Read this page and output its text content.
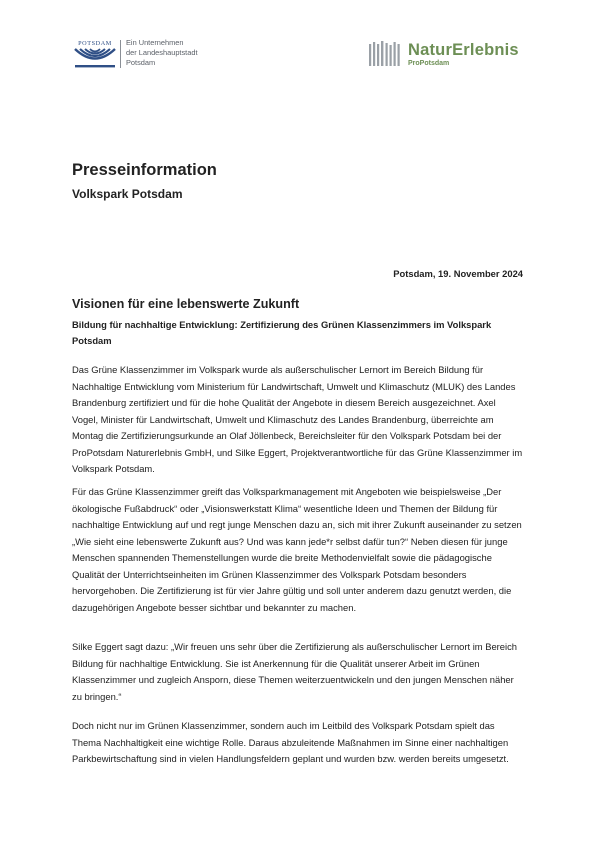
POTSDAM Ein Unternehmen
der Landeshauptstadt
Potsdam
NaturErlebnis
ProPotsdam
Presseinformation
Volkspark Potsdam
Potsdam, 19. November 2024
Visionen für eine lebenswerte Zukunft
Bildung für nachhaltige Entwicklung: Zertifizierung des Grünen Klassenzimmers im Volkspark Potsdam
Das Grüne Klassenzimmer im Volkspark wurde als außerschulischer Lernort im Bereich Bildung für Nachhaltige Entwicklung vom Ministerium für Landwirtschaft, Umwelt und Klimaschutz (MLUK) des Landes Brandenburg zertifiziert und für die hohe Qualität der Angebote in diesem Bereich ausgezeichnet. Axel Vogel, Minister für Landwirtschaft, Umwelt und Klimaschutz des Landes Brandenburg, überreichte am Montag die Zertifizierungsurkunde an Olaf Jöllenbeck, Bereichsleiter für den Volkspark Potsdam bei der ProPotsdam Naturerlebnis GmbH, und Silke Eggert, Projektverantwortliche für das Grüne Klassenzimmer im Volkspark Potsdam.
Für das Grüne Klassenzimmer greift das Volksparkmanagement mit Angeboten wie beispielsweise „Der ökologische Fußabdruck“ oder „Visionswerkstatt Klima“ wesentliche Ideen und Themen der Bildung für nachhaltige Entwicklung auf und regt junge Menschen dazu an, sich mit ihrer Zukunft auseinander zu setzen „Wie sieht eine lebenswerte Zukunft aus? Und was kann jede*r selbst dafür tun?“ Neben diesen für junge Menschen spannenden Themenstellungen wurde die breite Methodenvielfalt sowie die pädagogische Qualität der Unterrichtseinheiten im Grünen Klassenzimmer des Volkspark Potsdam besonders hervorgehoben. Die Zertifizierung ist für vier Jahre gültig und soll unter anderem dazu genutzt werden, die dazugehörigen Angebote besser sichtbar und bekannter zu machen.
Silke Eggert sagt dazu: „Wir freuen uns sehr über die Zertifizierung als außerschulischer Lernort im Bereich Bildung für nachhaltige Entwicklung. Sie ist Anerkennung für die Qualität unserer Arbeit im Grünen Klassenzimmer und zugleich Ansporn, diese Themen weiterzuentwickeln und den jungen Menschen näher zu bringen.“
Doch nicht nur im Grünen Klassenzimmer, sondern auch im Leitbild des Volkspark Potsdam spielt das Thema Nachhaltigkeit eine wichtige Rolle. Daraus abzuleitende Maßnahmen im Sinne einer nachhaltigen Parkbewirtschaftung sind in vielen Handlungsfeldern geplant und wurden bzw. werden bereits umgesetzt.
